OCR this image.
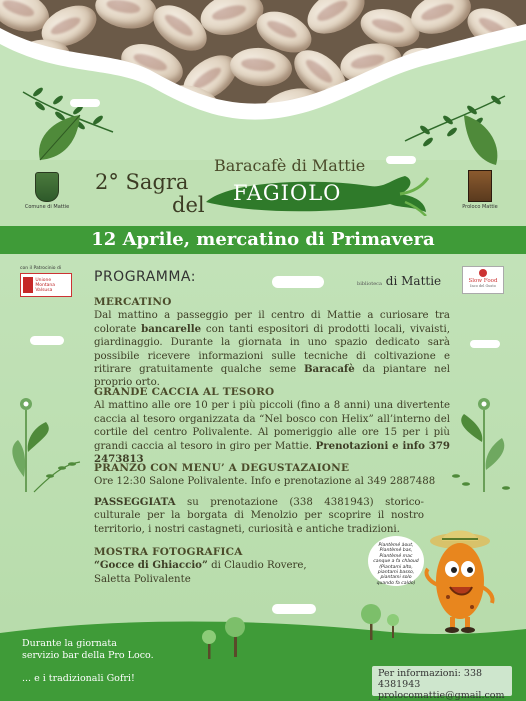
Comune di Mattie	Proloco Mattie
Baracafè di Mattie
2° Sagra
del FAGIOLO
12 Aprile, mercatino di Primavera
con il Patrocinio di
Unione Montana Valsusa
PROGRAMMA:	biblioteca di Mattie	Slow Food
Inco del Gusto
MERCATINO

Dal mattino a passeggio per il centro di Mattie a curiosare tra colorate bancarelle con tanti espositori di prodotti locali, vivaisti, giardinaggio. Durante la giornata in uno spazio dedicato sarà possibile ricevere informazioni sulle tecniche di coltivazione e ritirare gratuitamente qualche seme Baracafè da piantare nel proprio orto.

GRANDE CACCIA AL TESORO

Al mattino alle ore 10 per i più piccoli (fino a 8 anni) una divertente caccia al tesoro organizzata da “Nel bosco con Helix” all’interno del cortile del centro Polivalente. Al pomeriggio alle ore 15 per i più grandi caccia al tesoro in giro per Mattie. Prenotazioni e info 379 2473813

PRANZO CON MENU’ A DEGUSTAZAIONE

Ore 12:30 Salone Polivalente. Info e prenotazione al 349 2887488

PASSEGGIATA su prenotazione (338 4381943) storico-culturale per la borgata di Menolzio per scoprire il nostro territorio, i nostri castagneti, curiosità e antiche tradizioni.

MOSTRA FOTOGRAFICA

“Gocce di Ghiaccio” di Claudio Rovere,

Saletta Polivalente

Piantèmé àout, Piantèmé bas, Piantèmé mac canque a fa chàoud (Piantami alto, piantami basso, piantami solo quando fa caldo)
Durante la giornata
servizio bar della Pro Loco.
... e i tradizionali Gofri!	Per informazioni: 338 4381943
prolocomattie@gmail.com
